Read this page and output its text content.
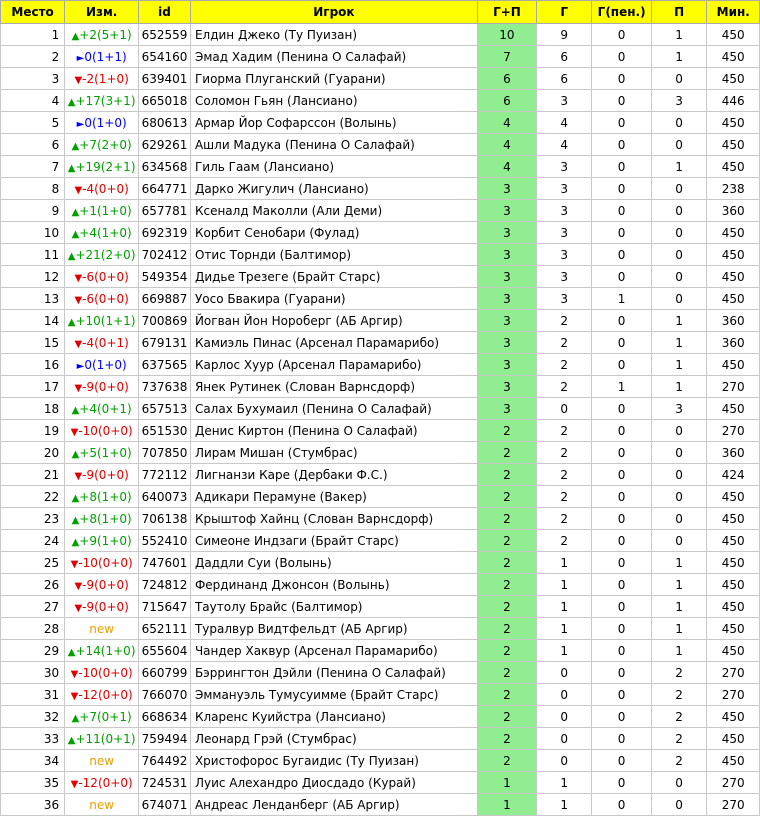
Место	Изм.	id	Игрок	Г+П	Г	Г(пен.)	П	Мин.
1	▲+2(5+1)	652559	Елдин Джеко (Ту Пуизан)	10	9	0	1	450
2	►0(1+1)	654160	Эмад Хадим (Пенина О Салафай)	7	6	0	1	450
3	▼-2(1+0)	639401	Гиорма Плуганский (Гуарани)	6	6	0	0	450
4	▲+17(3+1)	665018	Соломон Гьян (Лансиано)	6	3	0	3	446
5	►0(1+0)	680613	Армар Йор Софарссон (Волынь)	4	4	0	0	450
6	▲+7(2+0)	629261	Ашли Мадука (Пенина О Салафай)	4	4	0	0	450
7	▲+19(2+1)	634568	Гиль Гаам (Лансиано)	4	3	0	1	450
8	▼-4(0+0)	664771	Дарко Жигулич (Лансиано)	3	3	0	0	238
9	▲+1(1+0)	657781	Ксеналд Маколли (Али Деми)	3	3	0	0	360
10	▲+4(1+0)	692319	Корбит Сенобари (Фулад)	3	3	0	0	450
11	▲+21(2+0)	702412	Отис Торнди (Балтимор)	3	3	0	0	450
12	▼-6(0+0)	549354	Дидье Трезеге (Брайт Старс)	3	3	0	0	450
13	▼-6(0+0)	669887	Уосо Бвакира (Гуарани)	3	3	1	0	450
14	▲+10(1+1)	700869	Йогван Йон Нороберг (АБ Аргир)	3	2	0	1	360
15	▼-4(0+1)	679131	Камиэль Пинас (Арсенал Парамарибо)	3	2	0	1	360
16	►0(1+0)	637565	Карлос Хуур (Арсенал Парамарибо)	3	2	0	1	450
17	▼-9(0+0)	737638	Янек Рутинек (Слован Варнсдорф)	3	2	1	1	270
18	▲+4(0+1)	657513	Салах Бухумаил (Пенина О Салафай)	3	0	0	3	450
19	▼-10(0+0)	651530	Денис Киртон (Пенина О Салафай)	2	2	0	0	270
20	▲+5(1+0)	707850	Лирам Мишан (Стумбрас)	2	2	0	0	360
21	▼-9(0+0)	772112	Лигнанзи Каре (Дербаки Ф.С.)	2	2	0	0	424
22	▲+8(1+0)	640073	Адикари Перамуне (Вакер)	2	2	0	0	450
23	▲+8(1+0)	706138	Крыштоф Хайнц (Слован Варнсдорф)	2	2	0	0	450
24	▲+9(1+0)	552410	Симеоне Индзаги (Брайт Старс)	2	2	0	0	450
25	▼-10(0+0)	747601	Даддли Суи (Волынь)	2	1	0	1	450
26	▼-9(0+0)	724812	Фердинанд Джонсон (Волынь)	2	1	0	1	450
27	▼-9(0+0)	715647	Таутолу Брайс (Балтимор)	2	1	0	1	450
28	new	652111	Туралвур Видтфельдт (АБ Аргир)	2	1	0	1	450
29	▲+14(1+0)	655604	Чандер Хаквур (Арсенал Парамарибо)	2	1	0	1	450
30	▼-10(0+0)	660799	Бэррингтон Дэйли (Пенина О Салафай)	2	0	0	2	270
31	▼-12(0+0)	766070	Эммануэль Тумусуимме (Брайт Старс)	2	0	0	2	270
32	▲+7(0+1)	668634	Кларенс Куийстра (Лансиано)	2	0	0	2	450
33	▲+11(0+1)	759494	Леонард Грэй (Стумбрас)	2	0	0	2	450
34	new	764492	Христофорос Бугаидис (Ту Пуизан)	2	0	0	2	450
35	▼-12(0+0)	724531	Луис Алехандро Диосдадо (Курай)	1	1	0	0	270
36	new	674071	Андреас Ленданберг (АБ Аргир)	1	1	0	0	270
